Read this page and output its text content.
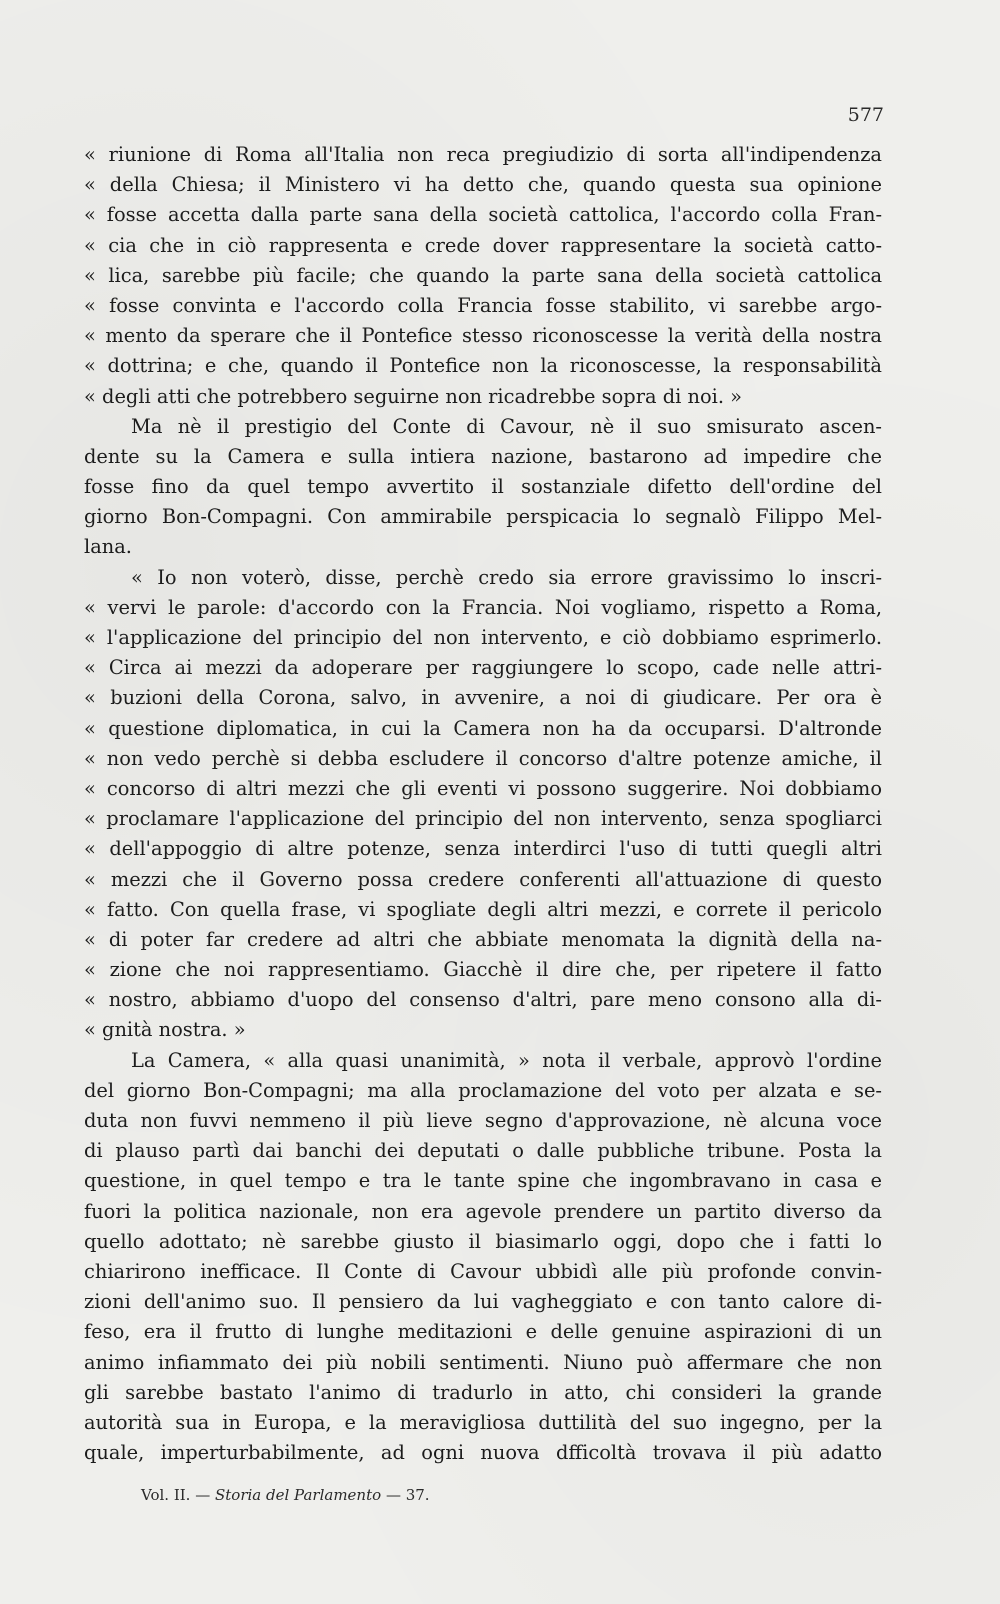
577
« riunione di Roma all'Italia non reca pregiudizio di sorta all'indipendenza
« della Chiesa; il Ministero vi ha detto che, quando questa sua opinione
« fosse accetta dalla parte sana della società cattolica, l'accordo colla Fran-
« cia che in ciò rappresenta e crede dover rappresentare la società catto-
« lica, sarebbe più facile; che quando la parte sana della società cattolica
« fosse convinta e l'accordo colla Francia fosse stabilito, vi sarebbe argo-
« mento da sperare che il Pontefice stesso riconoscesse la verità della nostra
« dottrina; e che, quando il Pontefice non la riconoscesse, la responsabilità
« degli atti che potrebbero seguirne non ricadrebbe sopra di noi. »
Ma nè il prestigio del Conte di Cavour, nè il suo smisurato ascen-
dente su la Camera e sulla intiera nazione, bastarono ad impedire che
fosse fino da quel tempo avvertito il sostanziale difetto dell'ordine del
giorno Bon-Compagni. Con ammirabile perspicacia lo segnalò Filippo Mel-
lana.
« Io non voterò, disse, perchè credo sia errore gravissimo lo inscri-
« vervi le parole: d'accordo con la Francia. Noi vogliamo, rispetto a Roma,
« l'applicazione del principio del non intervento, e ciò dobbiamo esprimerlo.
« Circa ai mezzi da adoperare per raggiungere lo scopo, cade nelle attri-
« buzioni della Corona, salvo, in avvenire, a noi di giudicare. Per ora è
« questione diplomatica, in cui la Camera non ha da occuparsi. D'altronde
« non vedo perchè si debba escludere il concorso d'altre potenze amiche, il
« concorso di altri mezzi che gli eventi vi possono suggerire. Noi dobbiamo
« proclamare l'applicazione del principio del non intervento, senza spogliarci
« dell'appoggio di altre potenze, senza interdirci l'uso di tutti quegli altri
« mezzi che il Governo possa credere conferenti all'attuazione di questo
« fatto. Con quella frase, vi spogliate degli altri mezzi, e correte il pericolo
« di poter far credere ad altri che abbiate menomata la dignità della na-
« zione che noi rappresentiamo. Giacchè il dire che, per ripetere il fatto
« nostro, abbiamo d'uopo del consenso d'altri, pare meno consono alla di-
« gnità nostra. »
La Camera, « alla quasi unanimità, » nota il verbale, approvò l'ordine
del giorno Bon-Compagni; ma alla proclamazione del voto per alzata e se-
duta non fuvvi nemmeno il più lieve segno d'approvazione, nè alcuna voce
di plauso partì dai banchi dei deputati o dalle pubbliche tribune. Posta la
questione, in quel tempo e tra le tante spine che ingombravano in casa e
fuori la politica nazionale, non era agevole prendere un partito diverso da
quello adottato; nè sarebbe giusto il biasimarlo oggi, dopo che i fatti lo
chiarirono inefficace. Il Conte di Cavour ubbidì alle più profonde convin-
zioni dell'animo suo. Il pensiero da lui vagheggiato e con tanto calore di-
feso, era il frutto di lunghe meditazioni e delle genuine aspirazioni di un
animo infiammato dei più nobili sentimenti. Niuno può affermare che non
gli sarebbe bastato l'animo di tradurlo in atto, chi consideri la grande
autorità sua in Europa, e la meravigliosa duttilità del suo ingegno, per la
quale, imperturbabilmente, ad ogni nuova dfficoltà trovava il più adatto
Vol. II. — Storia del Parlamento — 37.
